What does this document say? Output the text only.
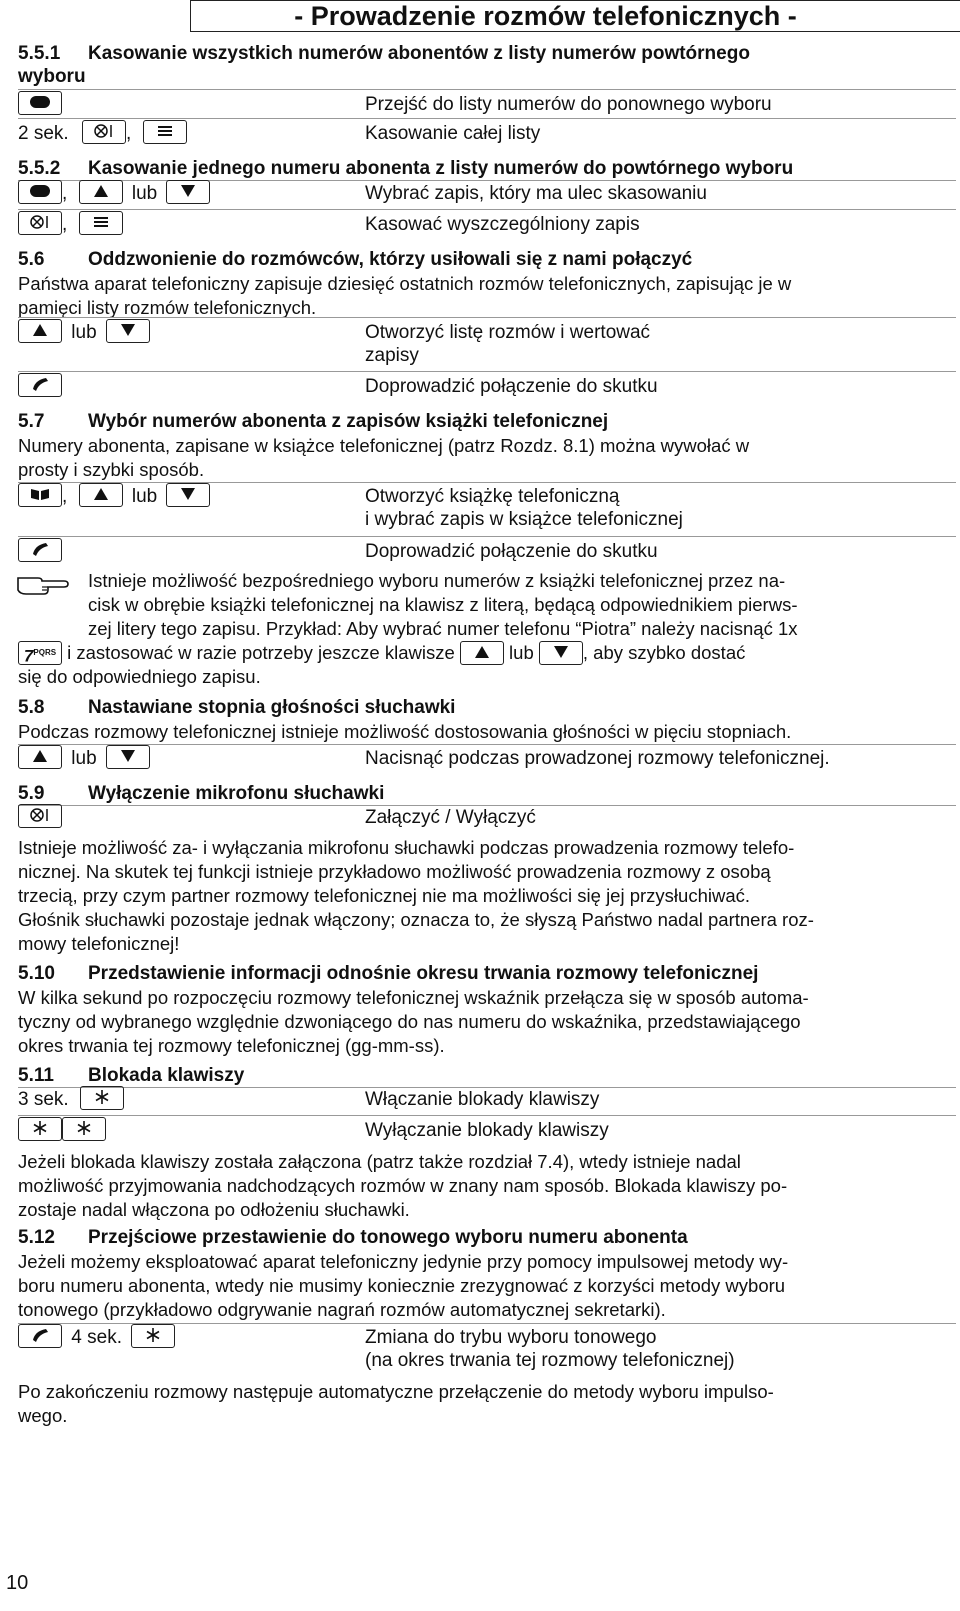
- Prowadzenie rozmów telefonicznych -
5.5.1 Kasowanie wszystkich numerów abonentów z listy numerów powtórnego
wyboru
Przejść do listy numerów do ponownego wyboru
2 sek.	,	Kasowanie całej listy
5.5.2 Kasowanie jednego numeru abonenta z listy numerów do powtórnego wyboru
,	lub	Wybrać zapis, który ma ulec skasowaniu
,	Kasować wyszczególniony zapis
5.6 Oddzwonienie do rozmówców, którzy usiłowali się z nami połączyć
Państwa aparat telefoniczny zapisuje dziesięć ostatnich rozmów telefonicznych, zapisując je w
pamięci listy rozmów telefonicznych.
lub	Otworzyć listę rozmów i wertować
zapisy
Doprowadzić połączenie do skutku
5.7 Wybór numerów abonenta z zapisów książki telefonicznej
Numery abonenta, zapisane w książce telefonicznej (patrz Rozdz. 8.1) można wywołać w
prosty i szybki sposób.
,	lub	Otworzyć książkę telefoniczną
i wybrać zapis w książce telefonicznej
Doprowadzić połączenie do skutku
Istnieje możliwość bezpośredniego wyboru numerów z książki telefonicznej przez na-
cisk w obrębie książki telefonicznej na klawisz z literą, będącą odpowiednikiem pierws-
zej litery tego zapisu. Przykład: Aby wybrać numer telefonu “Piotra” należy nacisnąć 1x
$7^{PQRS}$ i zastosować w razie potrzeby jeszcze klawisze	lub	, aby szybko dostać
się do odpowiedniego zapisu.
5.8 Nastawiane stopnia głośności słuchawki
Podczas rozmowy telefonicznej istnieje możliwość dostosowania głośności w pięciu stopniach.
lub	Nacisnąć podczas prowadzonej rozmowy telefonicznej.
5.9 Wyłączenie mikrofonu słuchawki
Załączyć / Wyłączyć
Istnieje możliwość za- i wyłączania mikrofonu słuchawki podczas prowadzenia rozmowy telefo-
nicznej. Na skutek tej funkcji istnieje przykładowo możliwość prowadzenia rozmowy z osobą
trzecią, przy czym partner rozmowy telefonicznej nie ma możliwości się jej przysłuchiwać.
Głośnik słuchawki pozostaje jednak włączony; oznacza to, że słyszą Państwo nadal partnera roz-
mowy telefonicznej!
5.10 Przedstawienie informacji odnośnie okresu trwania rozmowy telefonicznej
W kilka sekund po rozpoczęciu rozmowy telefonicznej wskaźnik przełącza się w sposób automa-
tyczny od wybranego względnie dzwoniącego do nas numeru do wskaźnika, przedstawiającego
okres trwania tej rozmowy telefonicznej (gg-mm-ss).
5.11 Blokada klawiszy
3 sek.	Włączanie blokady klawiszy
Wyłączanie blokady klawiszy
Jeżeli blokada klawiszy została załączona (patrz także rozdział 7.4), wtedy istnieje nadal
możliwość przyjmowania nadchodzących rozmów w znany nam sposób. Blokada klawiszy po-
zostaje nadal włączona po odłożeniu słuchawki.
5.12 Przejściowe przestawienie do tonowego wyboru numeru abonenta
Jeżeli możemy eksploatować aparat telefoniczny jedynie przy pomocy impulsowej metody wy-
boru numeru abonenta, wtedy nie musimy koniecznie zrezygnować z korzyści metody wyboru
tonowego (przykładowo odgrywanie nagrań rozmów automatycznej sekretarki).
4 sek.	Zmiana do trybu wyboru tonowego
(na okres trwania tej rozmowy telefonicznej)
Po zakończeniu rozmowy następuje automatyczne przełączenie do metody wyboru impulso-
wego.
10
